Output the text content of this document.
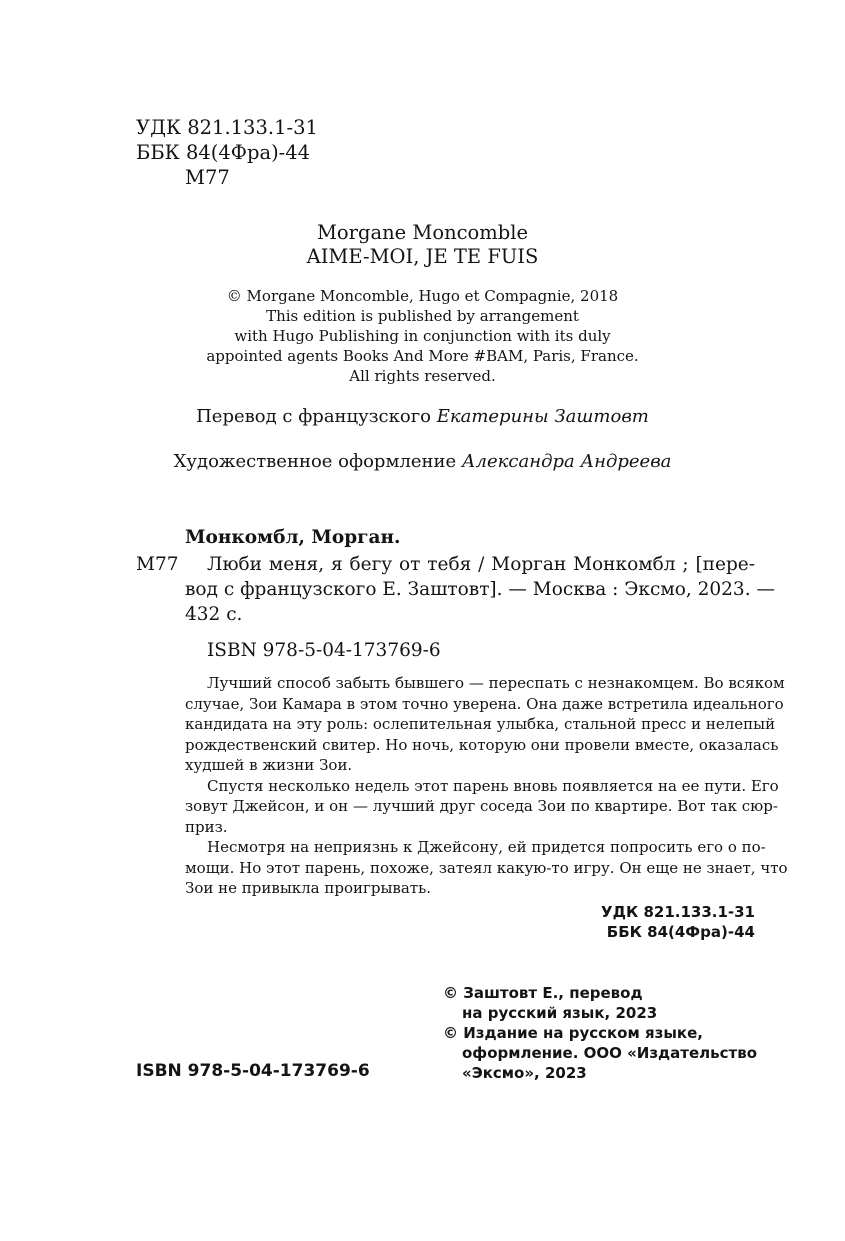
УДК 821.133.1-31
ББК 84(4Фра)-44
М77
Morgane Moncomble
AIME-MOI, JE TE FUIS
© Morgane Moncomble, Hugo et Compagnie, 2018
This edition is published by arrangement
with Hugo Publishing in conjunction with its duly
appointed agents Books And More #BAM, Paris, France.
All rights reserved.
Перевод с французского Екатерины Заштовт
Художественное оформление Александра Андреева
Монкомбл, Морган.
М77 Люби меня, я бегу от тебя / Морган Монкомбл ; [пере-
вод с французского Е. Заштовт]. — Москва : Эксмо, 2023. —
432 с.
ISBN 978-5-04-173769-6
Лучший способ забыть бывшего — переспать с незнакомцем. Во всяком
случае, Зои Камара в этом точно уверена. Она даже встретила идеального
кандидата на эту роль: ослепительная улыбка, стальной пресс и нелепый
рождественский свитер. Но ночь, которую они провели вместе, оказалась
худшей в жизни Зои.
Спустя несколько недель этот парень вновь появляется на ее пути. Его
зовут Джейсон, и он — лучший друг соседа Зои по квартире. Вот так сюр-
приз.
Несмотря на неприязнь к Джейсону, ей придется попросить его о по-
мощи. Но этот парень, похоже, затеял какую-то игру. Он еще не знает, что
Зои не привыкла проигрывать.
УДК 821.133.1-31
ББК 84(4Фра)-44
© Заштовт Е., перевод
на русский язык, 2023
© Издание на русском языке,
оформление. ООО «Издательство
«Эксмо», 2023
ISBN 978-5-04-173769-6
